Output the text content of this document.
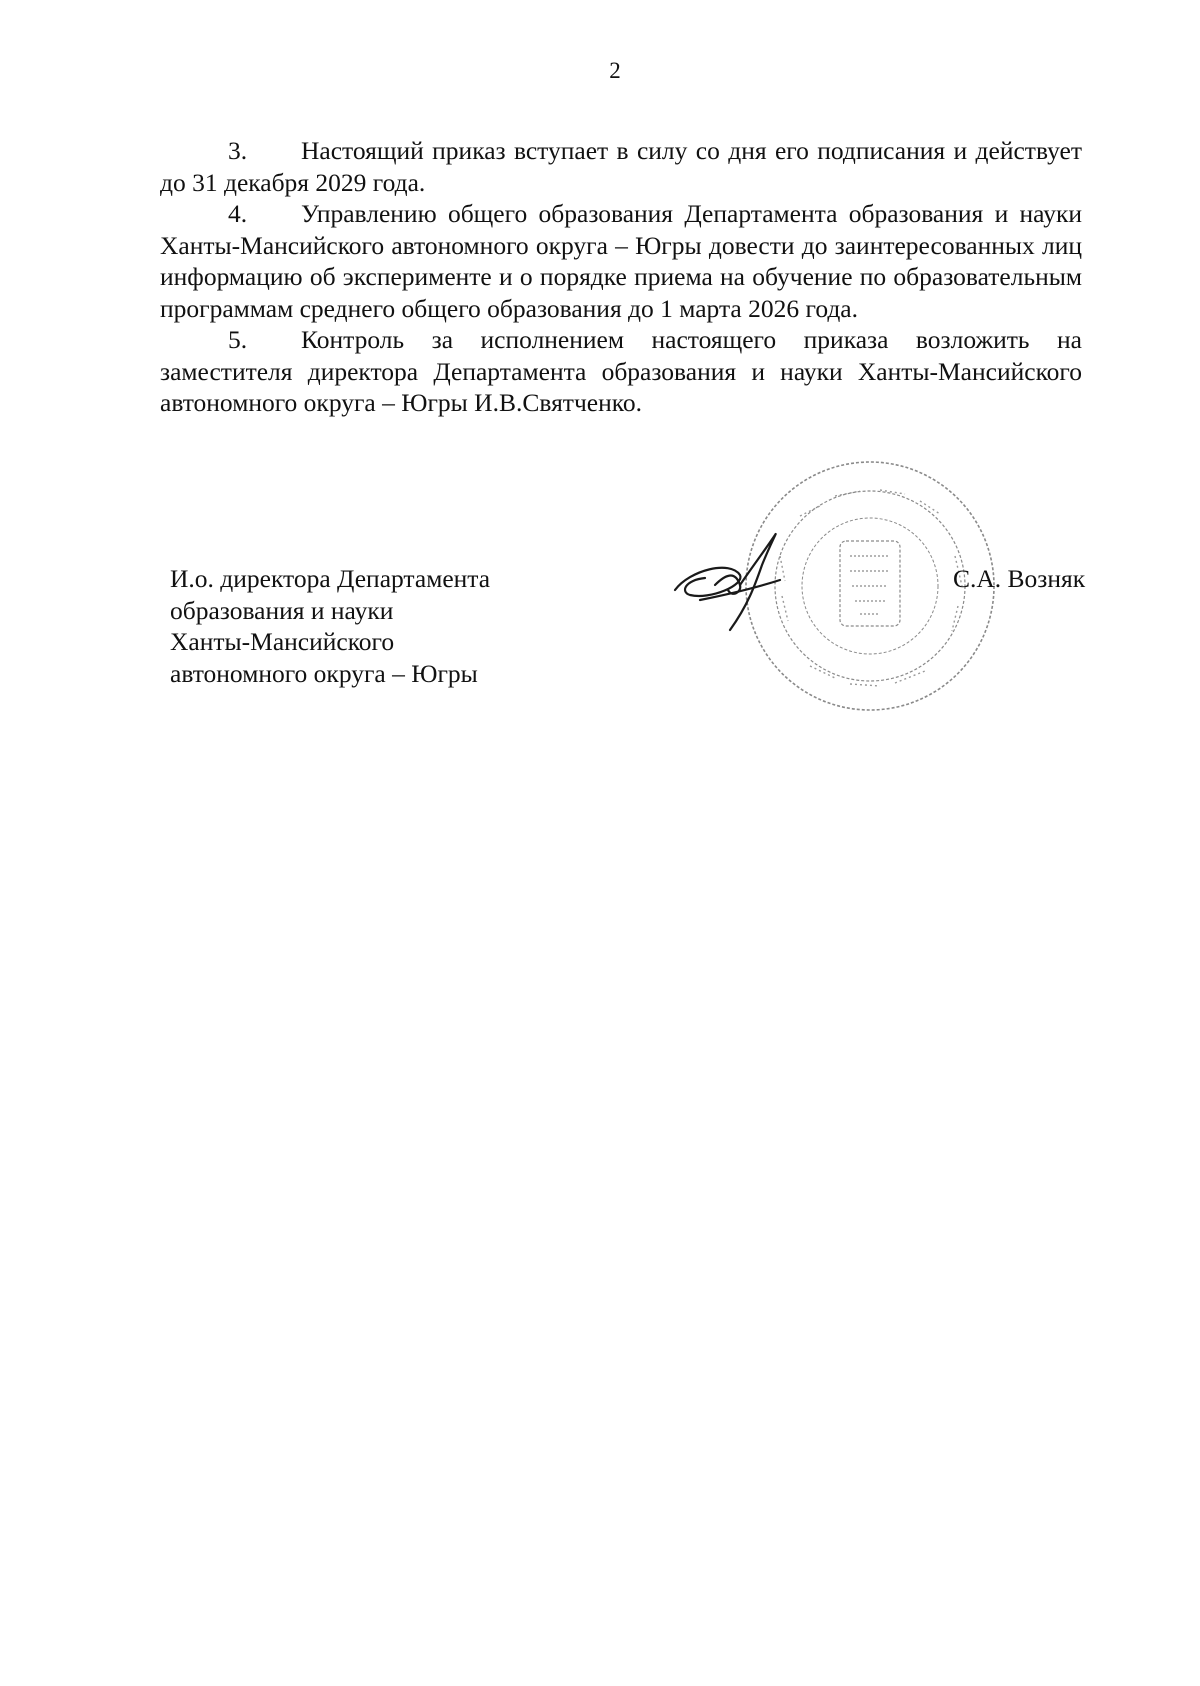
2

3. Настоящий приказ вступает в силу со дня его подписания и действует до 31 декабря 2029 года.

4. Управлению общего образования Департамента образования и науки Ханты-Мансийского автономного округа – Югры довести до заинтересованных лиц информацию об эксперименте и о порядке приема на обучение по образовательным программам среднего общего образования до 1 марта 2026 года.

5. Контроль за исполнением настоящего приказа возложить на заместителя директора Департамента образования и науки Ханты-Мансийского автономного округа – Югры И.В.Святченко.

И.о. директора Департамента
образования и науки
Ханты-Мансийского
автономного округа – Югры
С.А. Возняк
